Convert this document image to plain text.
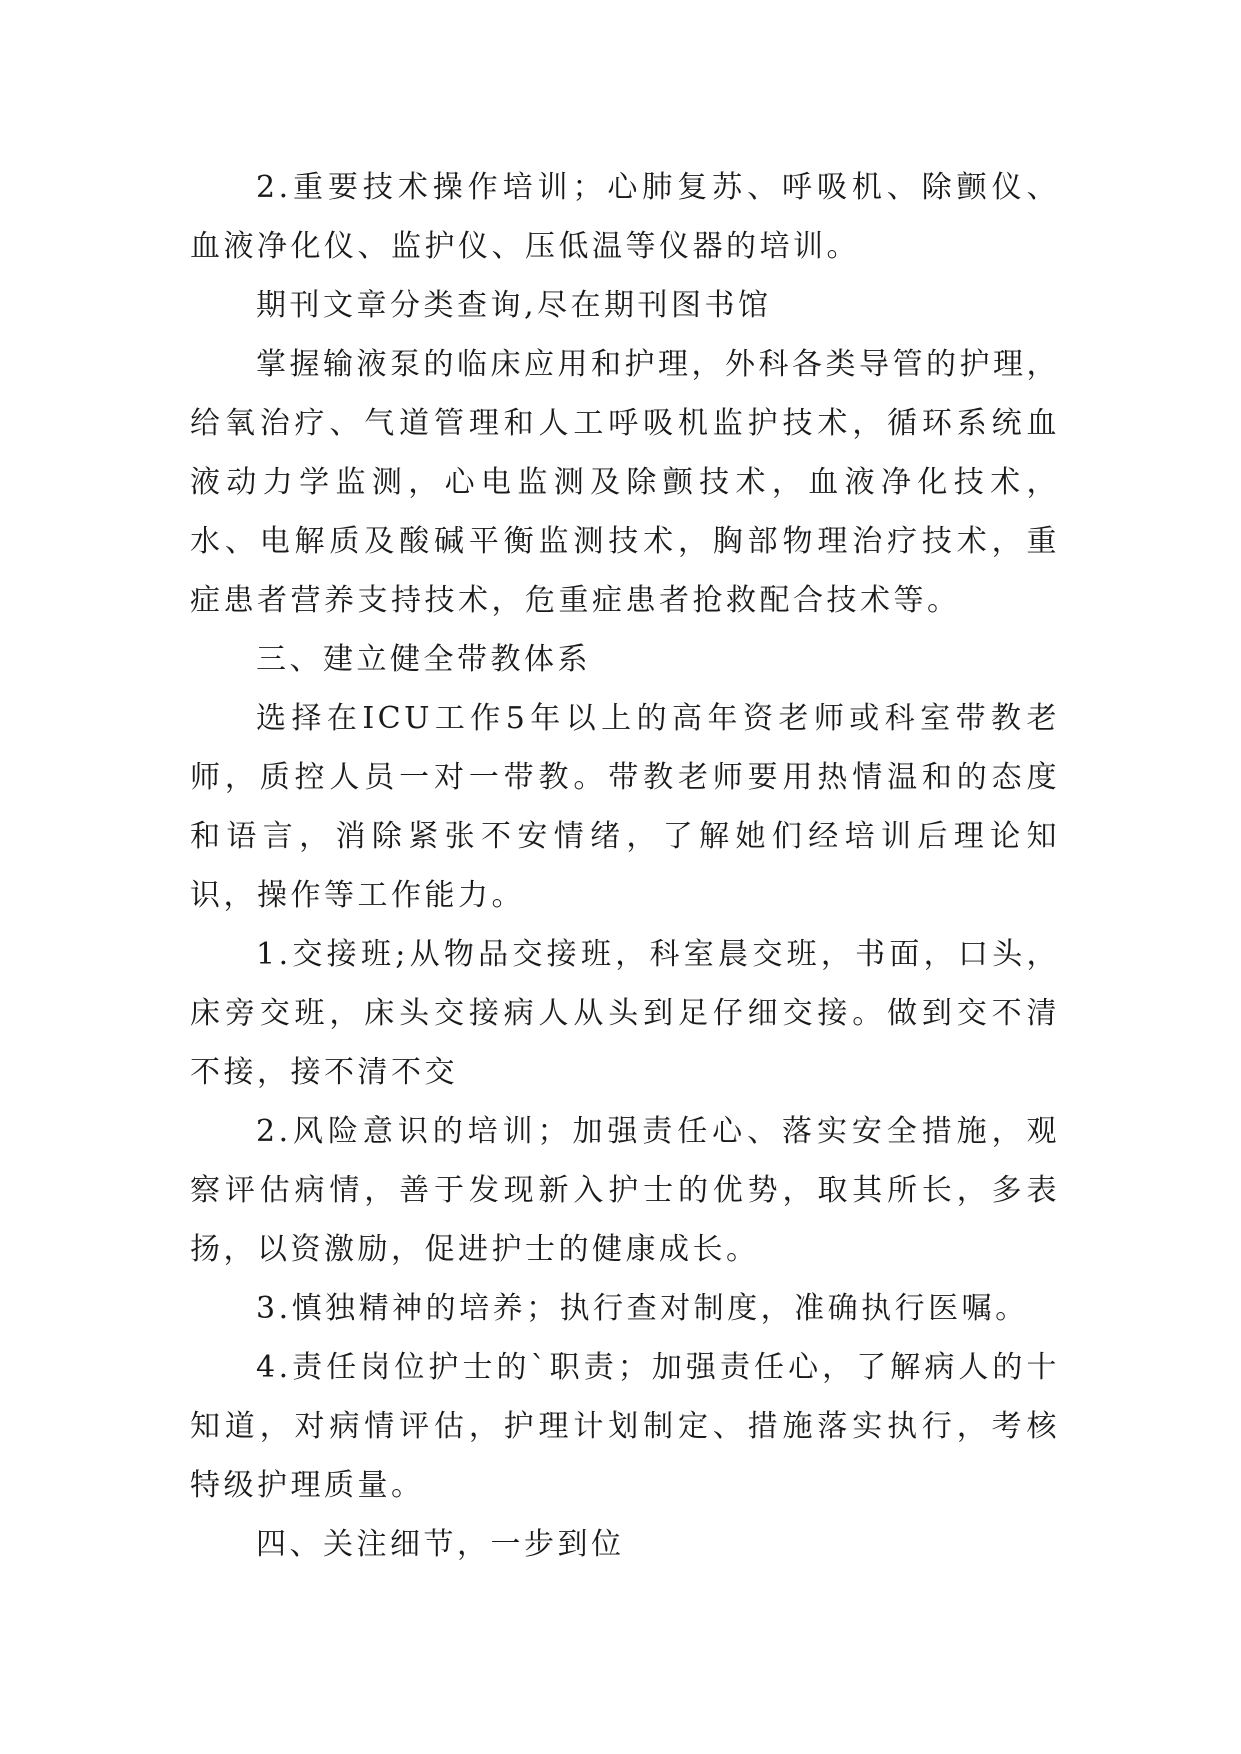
2.重要技术操作培训；心肺复苏、呼吸机、除颤仪、血液净化仪、监护仪、压低温等仪器的培训。

期刊文章分类查询,尽在期刊图书馆

掌握输液泵的临床应用和护理，外科各类导管的护理，给氧治疗、气道管理和人工呼吸机监护技术，循环系统血液动力学监测，心电监测及除颤技术，血液净化技术，水、电解质及酸碱平衡监测技术，胸部物理治疗技术，重症患者营养支持技术，危重症患者抢救配合技术等。

三、建立健全带教体系

选择在ICU工作5年以上的高年资老师或科室带教老师，质控人员一对一带教。带教老师要用热情温和的态度和语言，消除紧张不安情绪，了解她们经培训后理论知识，操作等工作能力。

1.交接班;从物品交接班，科室晨交班，书面，口头，床旁交班，床头交接病人从头到足仔细交接。做到交不清不接，接不清不交

2.风险意识的培训；加强责任心、落实安全措施，观察评估病情，善于发现新入护士的优势，取其所长，多表扬，以资激励，促进护士的健康成长。

3.慎独精神的培养；执行查对制度，准确执行医嘱。

4.责任岗位护士的`职责；加强责任心，了解病人的十知道，对病情评估，护理计划制定、措施落实执行，考核特级护理质量。

四、关注细节，一步到位
